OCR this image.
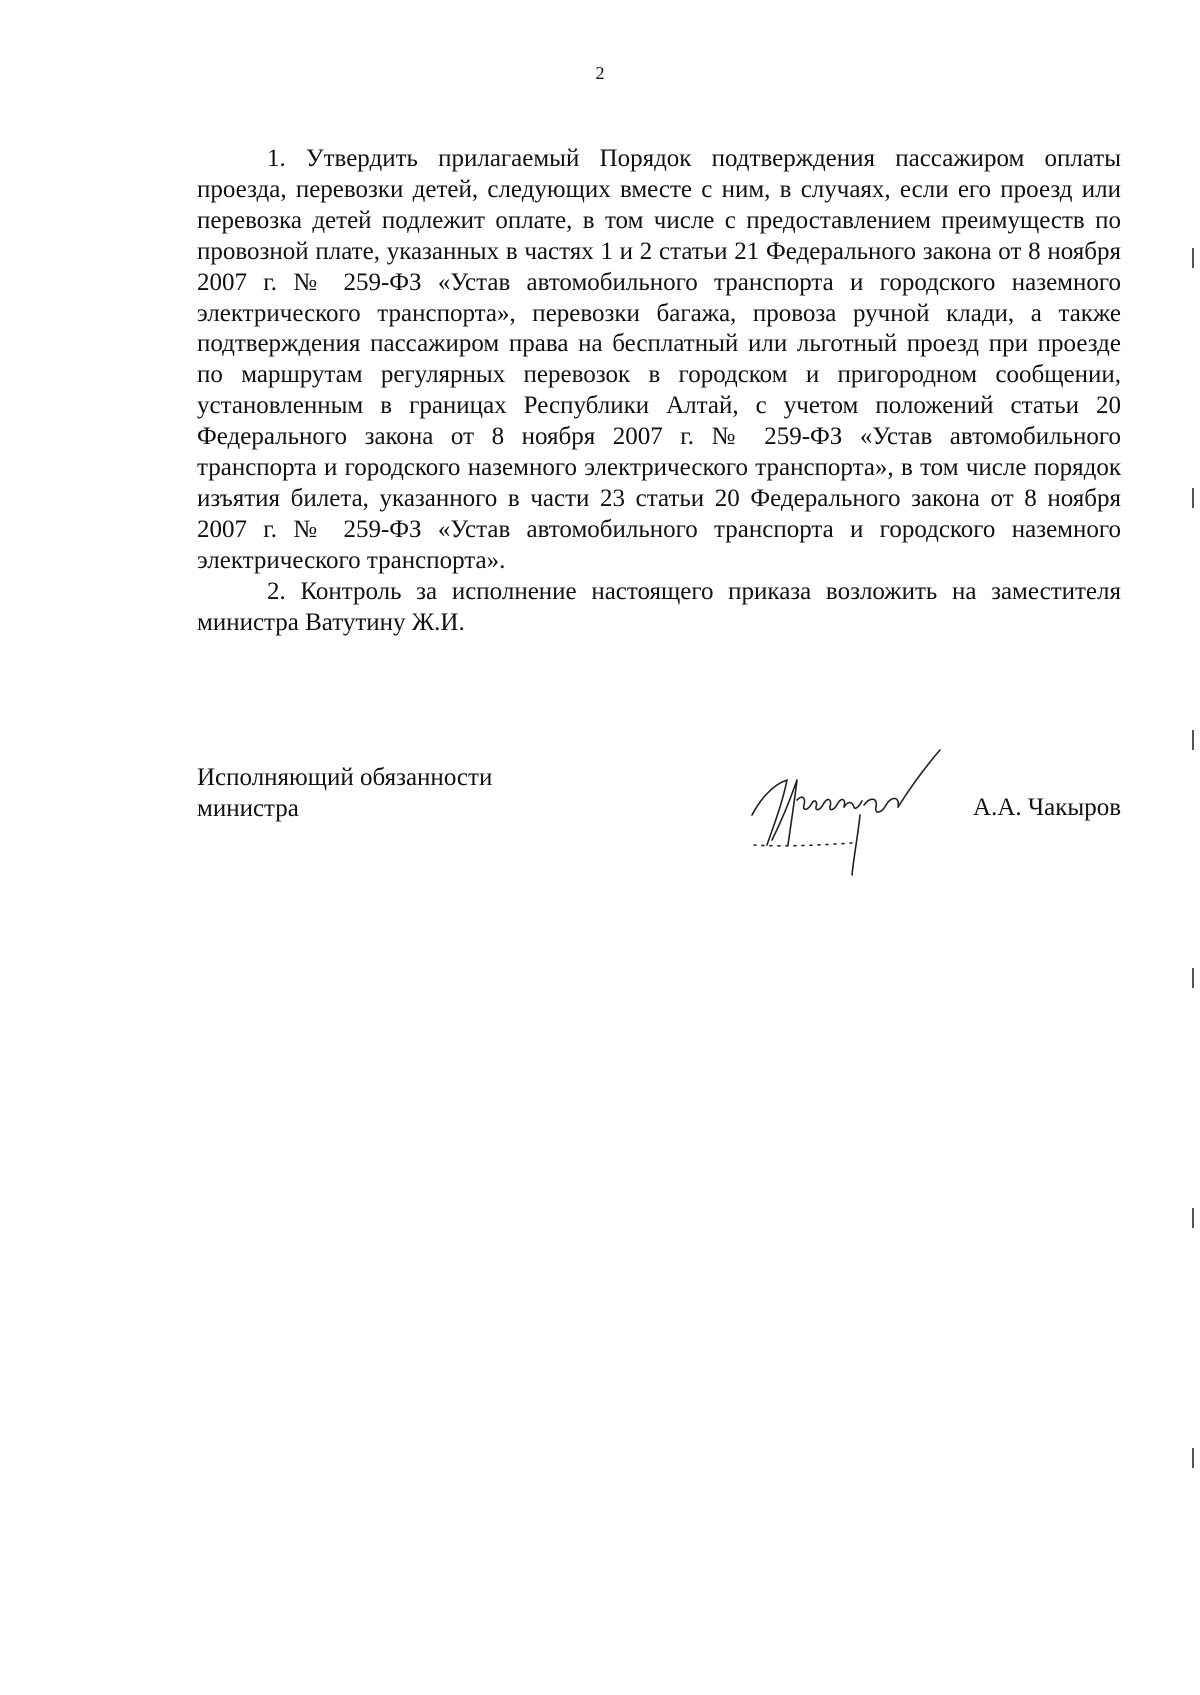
2

1. Утвердить прилагаемый Порядок подтверждения пассажиром оплаты проезда, перевозки детей, следующих вместе с ним, в случаях, если его проезд или перевозка детей подлежит оплате, в том числе с предоставлением преимуществ по провозной плате, указанных в частях 1 и 2 статьи 21 Федерального закона от 8 ноября 2007 г. № 259-ФЗ «Устав автомобильного транспорта и городского наземного электрического транспорта», перевозки багажа, провоза ручной клади, а также подтверждения пассажиром права на бесплатный или льготный проезд при проезде по маршрутам регулярных перевозок в городском и пригородном сообщении, установленным в границах Республики Алтай, с учетом положений статьи 20 Федерального закона от 8 ноября 2007 г. № 259-ФЗ «Устав автомобильного транспорта и городского наземного электрического транспорта», в том числе порядок изъятия билета, указанного в части 23 статьи 20 Федерального закона от 8 ноября 2007 г. № 259-ФЗ «Устав автомобильного транспорта и городского наземного электрического транспорта».

2. Контроль за исполнение настоящего приказа возложить на заместителя министра Ватутину Ж.И.

Исполняющий обязанности
министра	А.А. Чакыров
